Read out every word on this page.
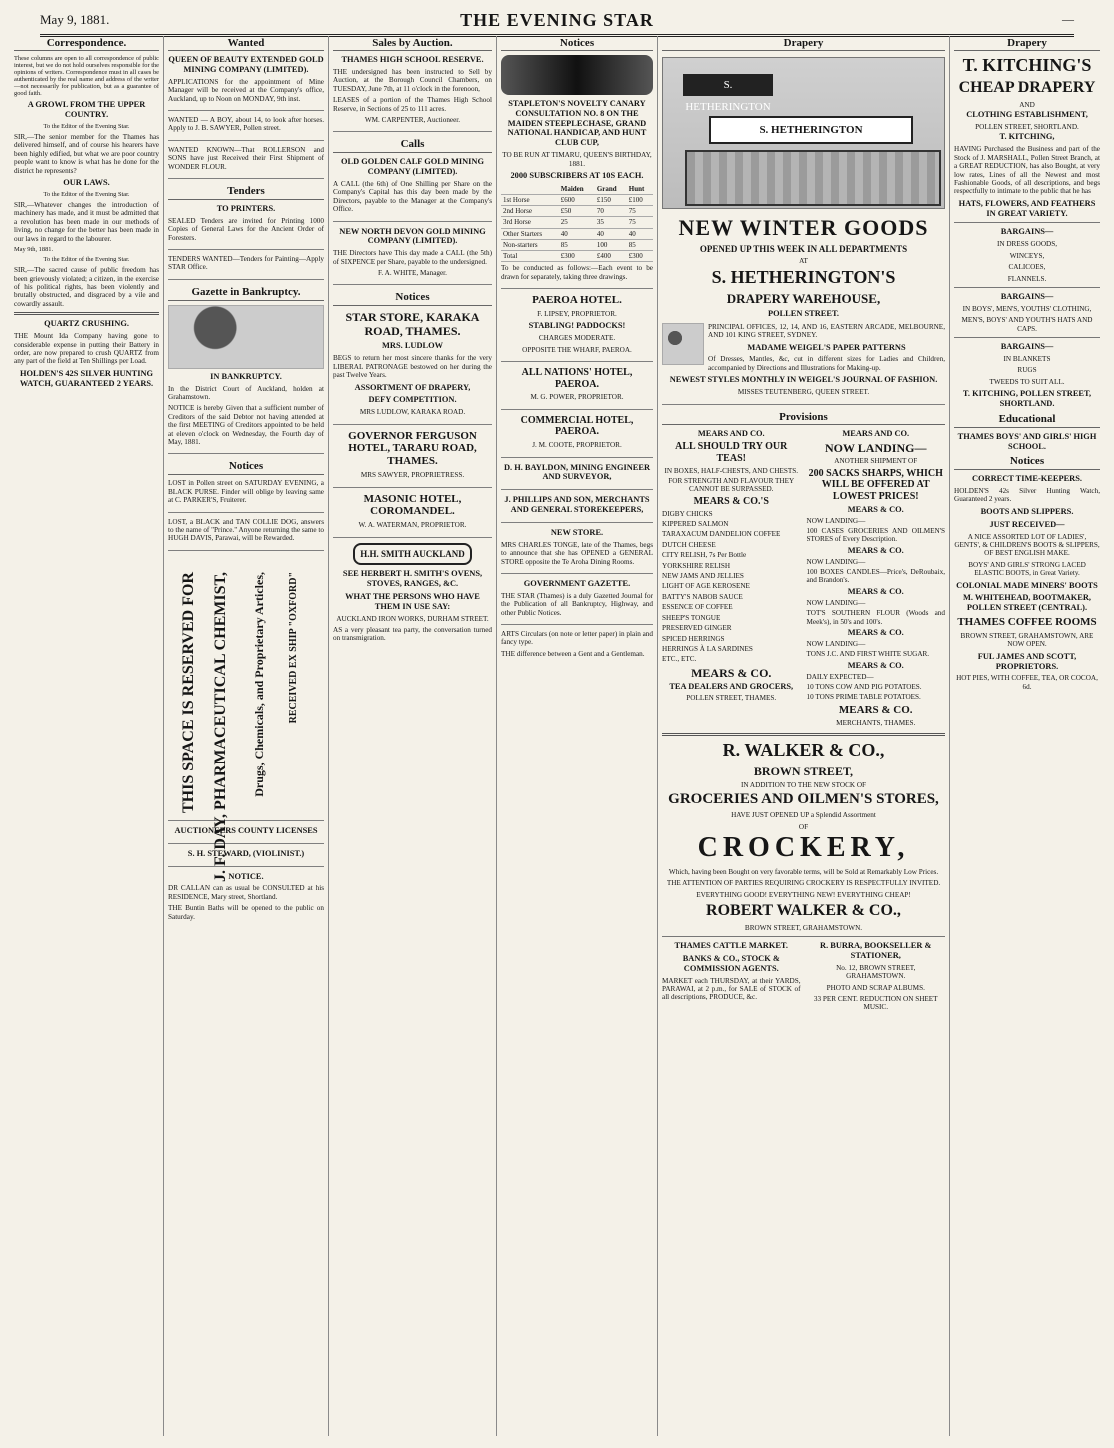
May 9, 1881.	THE EVENING STAR	—
Correspondence.

These columns are open to all correspondence of public interest, but we do not hold ourselves responsible for the opinions of writers. Correspondence must in all cases be authenticated by the real name and address of the writer—not necessarily for publication, but as a guarantee of good faith.

A GROWL FROM THE UPPER COUNTRY.

To the Editor of the Evening Star.

SIR,—The senior member for the Thames has delivered himself, and of course his hearers have been highly edified, but what we are poor country people want to know is what has he done for the district he represents?

OUR LAWS.

To the Editor of the Evening Star.

SIR,—Whatever changes the introduction of machinery has made, and it must be admitted that a revolution has been made in our methods of living, no change for the better has been made in our laws in regard to the labourer.

May 9th, 1881.

To the Editor of the Evening Star.

SIR,—The sacred cause of public freedom has been grievously violated; a citizen, in the exercise of his political rights, has been violently and brutally obstructed, and disgraced by a vile and cowardly assault.

QUARTZ CRUSHING.

THE Mount Ida Company having gone to considerable expense in putting their Battery in order, are now prepared to crush QUARTZ from any part of the field at Ten Shillings per Load.

HOLDEN'S 42S SILVER HUNTING WATCH, GUARANTEED 2 YEARS.

Wanted
QUEEN OF BEAUTY EXTENDED GOLD MINING COMPANY (LIMITED).

APPLICATIONS for the appointment of Mine Manager will be received at the Company's office, Auckland, up to Noon on MONDAY, 9th inst.

WANTED — A BOY, about 14, to look after horses. Apply to J. B. SAWYER, Pollen street.

WANTED KNOWN—That ROLLERSON and SONS have just Received their First Shipment of WONDER FLOUR.

Tenders
TO PRINTERS.

SEALED Tenders are invited for Printing 1000 Copies of General Laws for the Ancient Order of Foresters.

TENDERS WANTED—Tenders for Painting—Apply STAR Office.

Gazette in Bankruptcy.
IN BANKRUPTCY.

In the District Court of Auckland, holden at Grahamstown.

NOTICE is hereby Given that a sufficient number of Creditors of the said Debtor not having attended at the first MEETING of Creditors appointed to be held at eleven o'clock on Wednesday, the Fourth day of May, 1881.

Notices

LOST in Pollen street on SATURDAY EVENING, a BLACK PURSE. Finder will oblige by leaving same at C. PARKER'S, Fruiterer.

LOST, a BLACK and TAN COLLIE DOG, answers to the name of "Prince." Anyone returning the same to HUGH DAVIS, Parawai, will be Rewarded.

THIS SPACE IS RESERVED FOR J. F. DAY, PHARMACEUTICAL CHEMIST, Drugs, Chemicals, and Proprietary Articles, RECEIVED EX SHIP "OXFORD"
AUCTIONEERS COUNTY LICENSES
S. H. STEWARD, (VIOLINIST.)
NOTICE.

DR CALLAN can as usual be CONSULTED at his RESIDENCE, Mary street, Shortland.

THE Buntin Baths will be opened to the public on Saturday.

Sales by Auction.
THAMES HIGH SCHOOL RESERVE.

THE undersigned has been instructed to Sell by Auction, at the Borough Council Chambers, on TUESDAY, June 7th, at 11 o'clock in the forenoon,

LEASES of a portion of the Thames High School Reserve, in Sections of 25 to 111 acres.

WM. CARPENTER, Auctioneer.

Calls
OLD GOLDEN CALF GOLD MINING COMPANY (LIMITED).

A CALL (the 6th) of One Shilling per Share on the Company's Capital has this day been made by the Directors, payable to the Manager at the Company's Office.

NEW NORTH DEVON GOLD MINING COMPANY (LIMITED).

THE Directors have This day made a CALL (the 5th) of SIXPENCE per Share, payable to the undersigned.

F. A. WHITE, Manager.

Notices
STAR STORE, KARAKA ROAD, THAMES.
MRS. LUDLOW

BEGS to return her most sincere thanks for the very LIBERAL PATRONAGE bestowed on her during the past Twelve Years.

ASSORTMENT OF DRAPERY,
DEFY COMPETITION.

MRS LUDLOW, KARAKA ROAD.

GOVERNOR FERGUSON HOTEL, TARARU ROAD, THAMES.

MRS SAWYER, PROPRIETRESS.

MASONIC HOTEL, COROMANDEL.

W. A. WATERMAN, PROPRIETOR.

H.H. SMITH AUCKLAND
SEE HERBERT H. SMITH'S OVENS, STOVES, RANGES, &C.
WHAT THE PERSONS WHO HAVE THEM IN USE SAY:

AUCKLAND IRON WORKS, DURHAM STREET.

AS a very pleasant tea party, the conversation turned on transmigration.

Notices
STAPLETON'S NOVELTY CANARY CONSULTATION NO. 8 ON THE MAIDEN STEEPLECHASE, GRAND NATIONAL HANDICAP, AND HUNT CLUB CUP,

TO BE RUN AT TIMARU, QUEEN'S BIRTHDAY, 1881.

2000 SUBSCRIBERS AT 10S EACH.
	Maiden	Grand	Hunt
1st Horse	£600	£150	£100
2nd Horse	£50	70	75
3rd Horse	25	35	75
Other Starters	40	40	40
Non-starters	85	100	85
Total	£300	£400	£300

To be conducted as follows:—Each event to be drawn for separately, taking three drawings.

PAEROA HOTEL.

F. LIPSEY, PROPRIETOR.

STABLING! PADDOCKS!

CHARGES MODERATE.

OPPOSITE THE WHARF, PAEROA.

ALL NATIONS' HOTEL, PAEROA.

M. G. POWER, PROPRIETOR.

COMMERCIAL HOTEL, PAEROA.

J. M. COOTE, PROPRIETOR.

D. H. BAYLDON, MINING ENGINEER AND SURVEYOR,
J. PHILLIPS AND SON, MERCHANTS AND GENERAL STOREKEEPERS,
NEW STORE.

MRS CHARLES TONGE, late of the Thames, begs to announce that she has OPENED a GENERAL STORE opposite the Te Aroha Dining Rooms.

GOVERNMENT GAZETTE.

THE STAR (Thames) is a duly Gazetted Journal for the Publication of all Bankruptcy, Highway, and other Public Notices.

ARTS Circulars (on note or letter paper) in plain and fancy type.

THE difference between a Gent and a Gentleman.

Drapery
S. HETHERINGTON
S. HETHERINGTON
NEW WINTER GOODS
OPENED UP THIS WEEK IN ALL DEPARTMENTS
AT
S. HETHERINGTON'S
DRAPERY WAREHOUSE,
POLLEN STREET.

PRINCIPAL OFFICES, 12, 14, AND 16, EASTERN ARCADE, MELBOURNE, AND 101 KING STREET, SYDNEY.

MADAME WEIGEL'S PAPER PATTERNS

Of Dresses, Mantles, &c, cut in different sizes for Ladies and Children, accompanied by Directions and Illustrations for Making-up.

NEWEST STYLES MONTHLY IN WEIGEL'S JOURNAL OF FASHION.

MISSES TEUTENBERG, QUEEN STREET.

Provisions

MEARS AND CO.

ALL SHOULD TRY OUR TEAS!

IN BOXES, HALF-CHESTS, AND CHESTS.

FOR STRENGTH AND FLAVOUR THEY CANNOT BE SURPASSED.

MEARS & CO.'S

DIGBY CHICKS

KIPPERED SALMON

TARAXACUM DANDELION COFFEE

DUTCH CHEESE

CITY RELISH, 7s Per Bottle

YORKSHIRE RELISH

NEW JAMS AND JELLIES

LIGHT OF AGE KEROSENE

BATTY'S NABOB SAUCE

ESSENCE OF COFFEE

SHEEP'S TONGUE

PRESERVED GINGER

SPICED HERRINGS

HERRINGS À LA SARDINES

ETC., ETC.

MEARS & CO.

TEA DEALERS AND GROCERS,

POLLEN STREET, THAMES.

MEARS AND CO.

NOW LANDING—

ANOTHER SHIPMENT OF

200 SACKS SHARPS, WHICH WILL BE OFFERED AT LOWEST PRICES!

MEARS & CO.

NOW LANDING—

100 CASES GROCERIES AND OILMEN'S STORES of Every Description.

MEARS & CO.

NOW LANDING—

100 BOXES CANDLES—Price's, DeRoubaix, and Brandon's.

MEARS & CO.

NOW LANDING—

TOT'S SOUTHERN FLOUR (Woods and Meek's), in 50's and 100's.

MEARS & CO.

NOW LANDING—

TONS J.C. AND FIRST WHITE SUGAR.

MEARS & CO.

DAILY EXPECTED—

10 TONS COW AND PIG POTATOES.

10 TONS PRIME TABLE POTATOES.

MEARS & CO.

MERCHANTS, THAMES.

R. WALKER & CO.,
BROWN STREET,
IN ADDITION TO THE NEW STOCK OF
GROCERIES AND OILMEN'S STORES,

HAVE JUST OPENED UP a Splendid Assortment

OF
CROCKERY,

Which, having been Bought on very favorable terms, will be Sold at Remarkably Low Prices.

THE ATTENTION OF PARTIES REQUIRING CROCKERY IS RESPECTFULLY INVITED.

EVERYTHING GOOD! EVERYTHING NEW! EVERYTHING CHEAP!

ROBERT WALKER & CO.,
BROWN STREET, GRAHAMSTOWN.

THAMES CATTLE MARKET.

BANKS & CO., STOCK & COMMISSION AGENTS.

MARKET each THURSDAY, at their YARDS, PARAWAI, at 2 p.m., for SALE of STOCK of all descriptions, PRODUCE, &c.

R. BURRA, BOOKSELLER & STATIONER,

No. 12, BROWN STREET, GRAHAMSTOWN.

PHOTO AND SCRAP ALBUMS.

33 PER CENT. REDUCTION ON SHEET MUSIC.

Drapery
T. KITCHING'S
CHEAP DRAPERY
AND
CLOTHING ESTABLISHMENT,
POLLEN STREET, SHORTLAND.
T. KITCHING,

HAVING Purchased the Business and part of the Stock of J. MARSHALL, Pollen Street Branch, at a GREAT REDUCTION, has also Bought, at very low rates, Lines of all the Newest and most Fashionable Goods, of all descriptions, and begs respectfully to intimate to the public that he has

HATS, FLOWERS, AND FEATHERS IN GREAT VARIETY.

BARGAINS—

IN DRESS GOODS,

WINCEYS,

CALICOES,

FLANNELS.

BARGAINS—

IN BOYS', MEN'S, YOUTHS' CLOTHING,

MEN'S, BOYS' AND YOUTH'S HATS AND CAPS.

BARGAINS—

IN BLANKETS

RUGS

TWEEDS TO SUIT ALL.

T. KITCHING, POLLEN STREET, SHORTLAND.

Educational

THAMES BOYS' AND GIRLS' HIGH SCHOOL.

Notices

CORRECT TIME-KEEPERS.

HOLDEN'S 42s Silver Hunting Watch, Guaranteed 2 years.

BOOTS AND SLIPPERS.

JUST RECEIVED—

A NICE ASSORTED LOT OF LADIES', GENTS', & CHILDREN'S BOOTS & SLIPPERS, OF BEST ENGLISH MAKE.

BOYS' AND GIRLS' STRONG LACED ELASTIC BOOTS, in Great Variety.

COLONIAL MADE MINERS' BOOTS

M. WHITEHEAD, BOOTMAKER, POLLEN STREET (CENTRAL).

THAMES COFFEE ROOMS

BROWN STREET, GRAHAMSTOWN, ARE NOW OPEN.

FUL JAMES AND SCOTT, PROPRIETORS.

HOT PIES, WITH COFFEE, TEA, OR COCOA, 6d.
